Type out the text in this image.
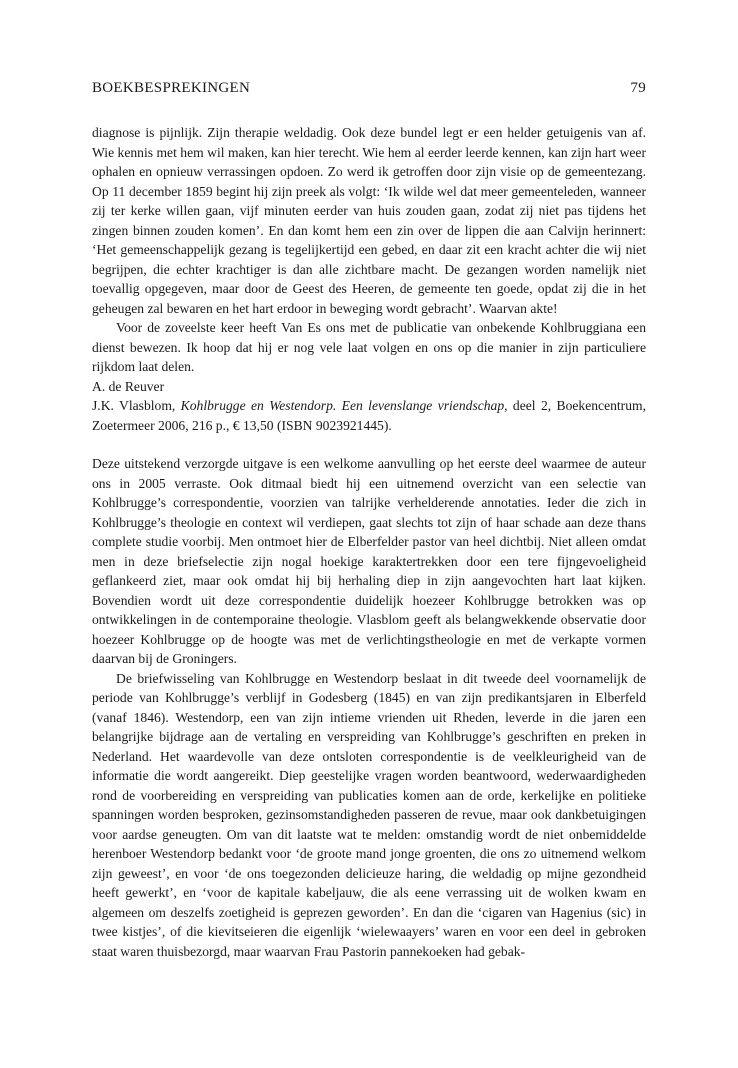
BOEKBESPREKINGEN	79

diagnose is pijnlijk. Zijn therapie weldadig. Ook deze bundel legt er een helder getuigenis van af. Wie kennis met hem wil maken, kan hier terecht. Wie hem al eerder leerde kennen, kan zijn hart weer ophalen en opnieuw verrassingen opdoen. Zo werd ik getroffen door zijn visie op de gemeentezang. Op 11 december 1859 begint hij zijn preek als volgt: ‘Ik wilde wel dat meer gemeenteleden, wanneer zij ter kerke willen gaan, vijf minuten eerder van huis zouden gaan, zodat zij niet pas tijdens het zingen binnen zouden komen’. En dan komt hem een zin over de lippen die aan Calvijn herinnert: ‘Het gemeenschappelijk gezang is tegelijkertijd een gebed, en daar zit een kracht achter die wij niet begrijpen, die echter krachtiger is dan alle zichtbare macht. De gezangen worden namelijk niet toevallig opgegeven, maar door de Geest des Heeren, de gemeente ten goede, opdat zij die in het geheugen zal bewaren en het hart erdoor in beweging wordt gebracht’. Waarvan akte!

Voor de zoveelste keer heeft Van Es ons met de publicatie van onbekende Kohlbruggiana een dienst bewezen. Ik hoop dat hij er nog vele laat volgen en ons op die manier in zijn particuliere rijkdom laat delen.

A. de Reuver

J.K. Vlasblom, Kohlbrugge en Westendorp. Een levenslange vriendschap, deel 2, Boekencentrum, Zoetermeer 2006, 216 p., € 13,50 (ISBN 9023921445).

Deze uitstekend verzorgde uitgave is een welkome aanvulling op het eerste deel waarmee de auteur ons in 2005 verraste. Ook ditmaal biedt hij een uitnemend overzicht van een selectie van Kohlbrugge’s correspondentie, voorzien van talrijke verhelderende annotaties. Ieder die zich in Kohlbrugge’s theologie en context wil verdiepen, gaat slechts tot zijn of haar schade aan deze thans complete studie voorbij. Men ontmoet hier de Elberfelder pastor van heel dichtbij. Niet alleen omdat men in deze briefselectie zijn nogal hoekige karaktertrekken door een tere fijngevoeligheid geflankeerd ziet, maar ook omdat hij bij herhaling diep in zijn aangevochten hart laat kijken. Bovendien wordt uit deze correspondentie duidelijk hoezeer Kohlbrugge betrokken was op ontwikkelingen in de contemporaine theologie. Vlasblom geeft als belangwekkende observatie door hoezeer Kohlbrugge op de hoogte was met de verlichtingstheologie en met de verkapte vormen daarvan bij de Groningers.

De briefwisseling van Kohlbrugge en Westendorp beslaat in dit tweede deel voornamelijk de periode van Kohlbrugge’s verblijf in Godesberg (1845) en van zijn predikantsjaren in Elberfeld (vanaf 1846). Westendorp, een van zijn intieme vrienden uit Rheden, leverde in die jaren een belangrijke bijdrage aan de vertaling en verspreiding van Kohlbrugge’s geschriften en preken in Nederland. Het waardevolle van deze ontsloten correspondentie is de veelkleurigheid van de informatie die wordt aangereikt. Diep geestelijke vragen worden beantwoord, wederwaardigheden rond de voorbereiding en verspreiding van publicaties komen aan de orde, kerkelijke en politieke spanningen worden besproken, gezinsomstandigheden passeren de revue, maar ook dankbetuigingen voor aardse geneugten. Om van dit laatste wat te melden: omstandig wordt de niet onbemiddelde herenboer Westendorp bedankt voor ‘de groote mand jonge groenten, die ons zo uitnemend welkom zijn geweest’, en voor ‘de ons toegezonden delicieuze haring, die weldadig op mijne gezondheid heeft gewerkt’, en ‘voor de kapitale kabeljauw, die als eene verrassing uit de wolken kwam en algemeen om deszelfs zoetigheid is geprezen geworden’. En dan die ‘cigaren van Hagenius (sic) in twee kistjes’, of die kievitseieren die eigenlijk ‘wielewaayers’ waren en voor een deel in gebroken staat waren thuisbezorgd, maar waarvan Frau Pastorin pannekoeken had gebak-
